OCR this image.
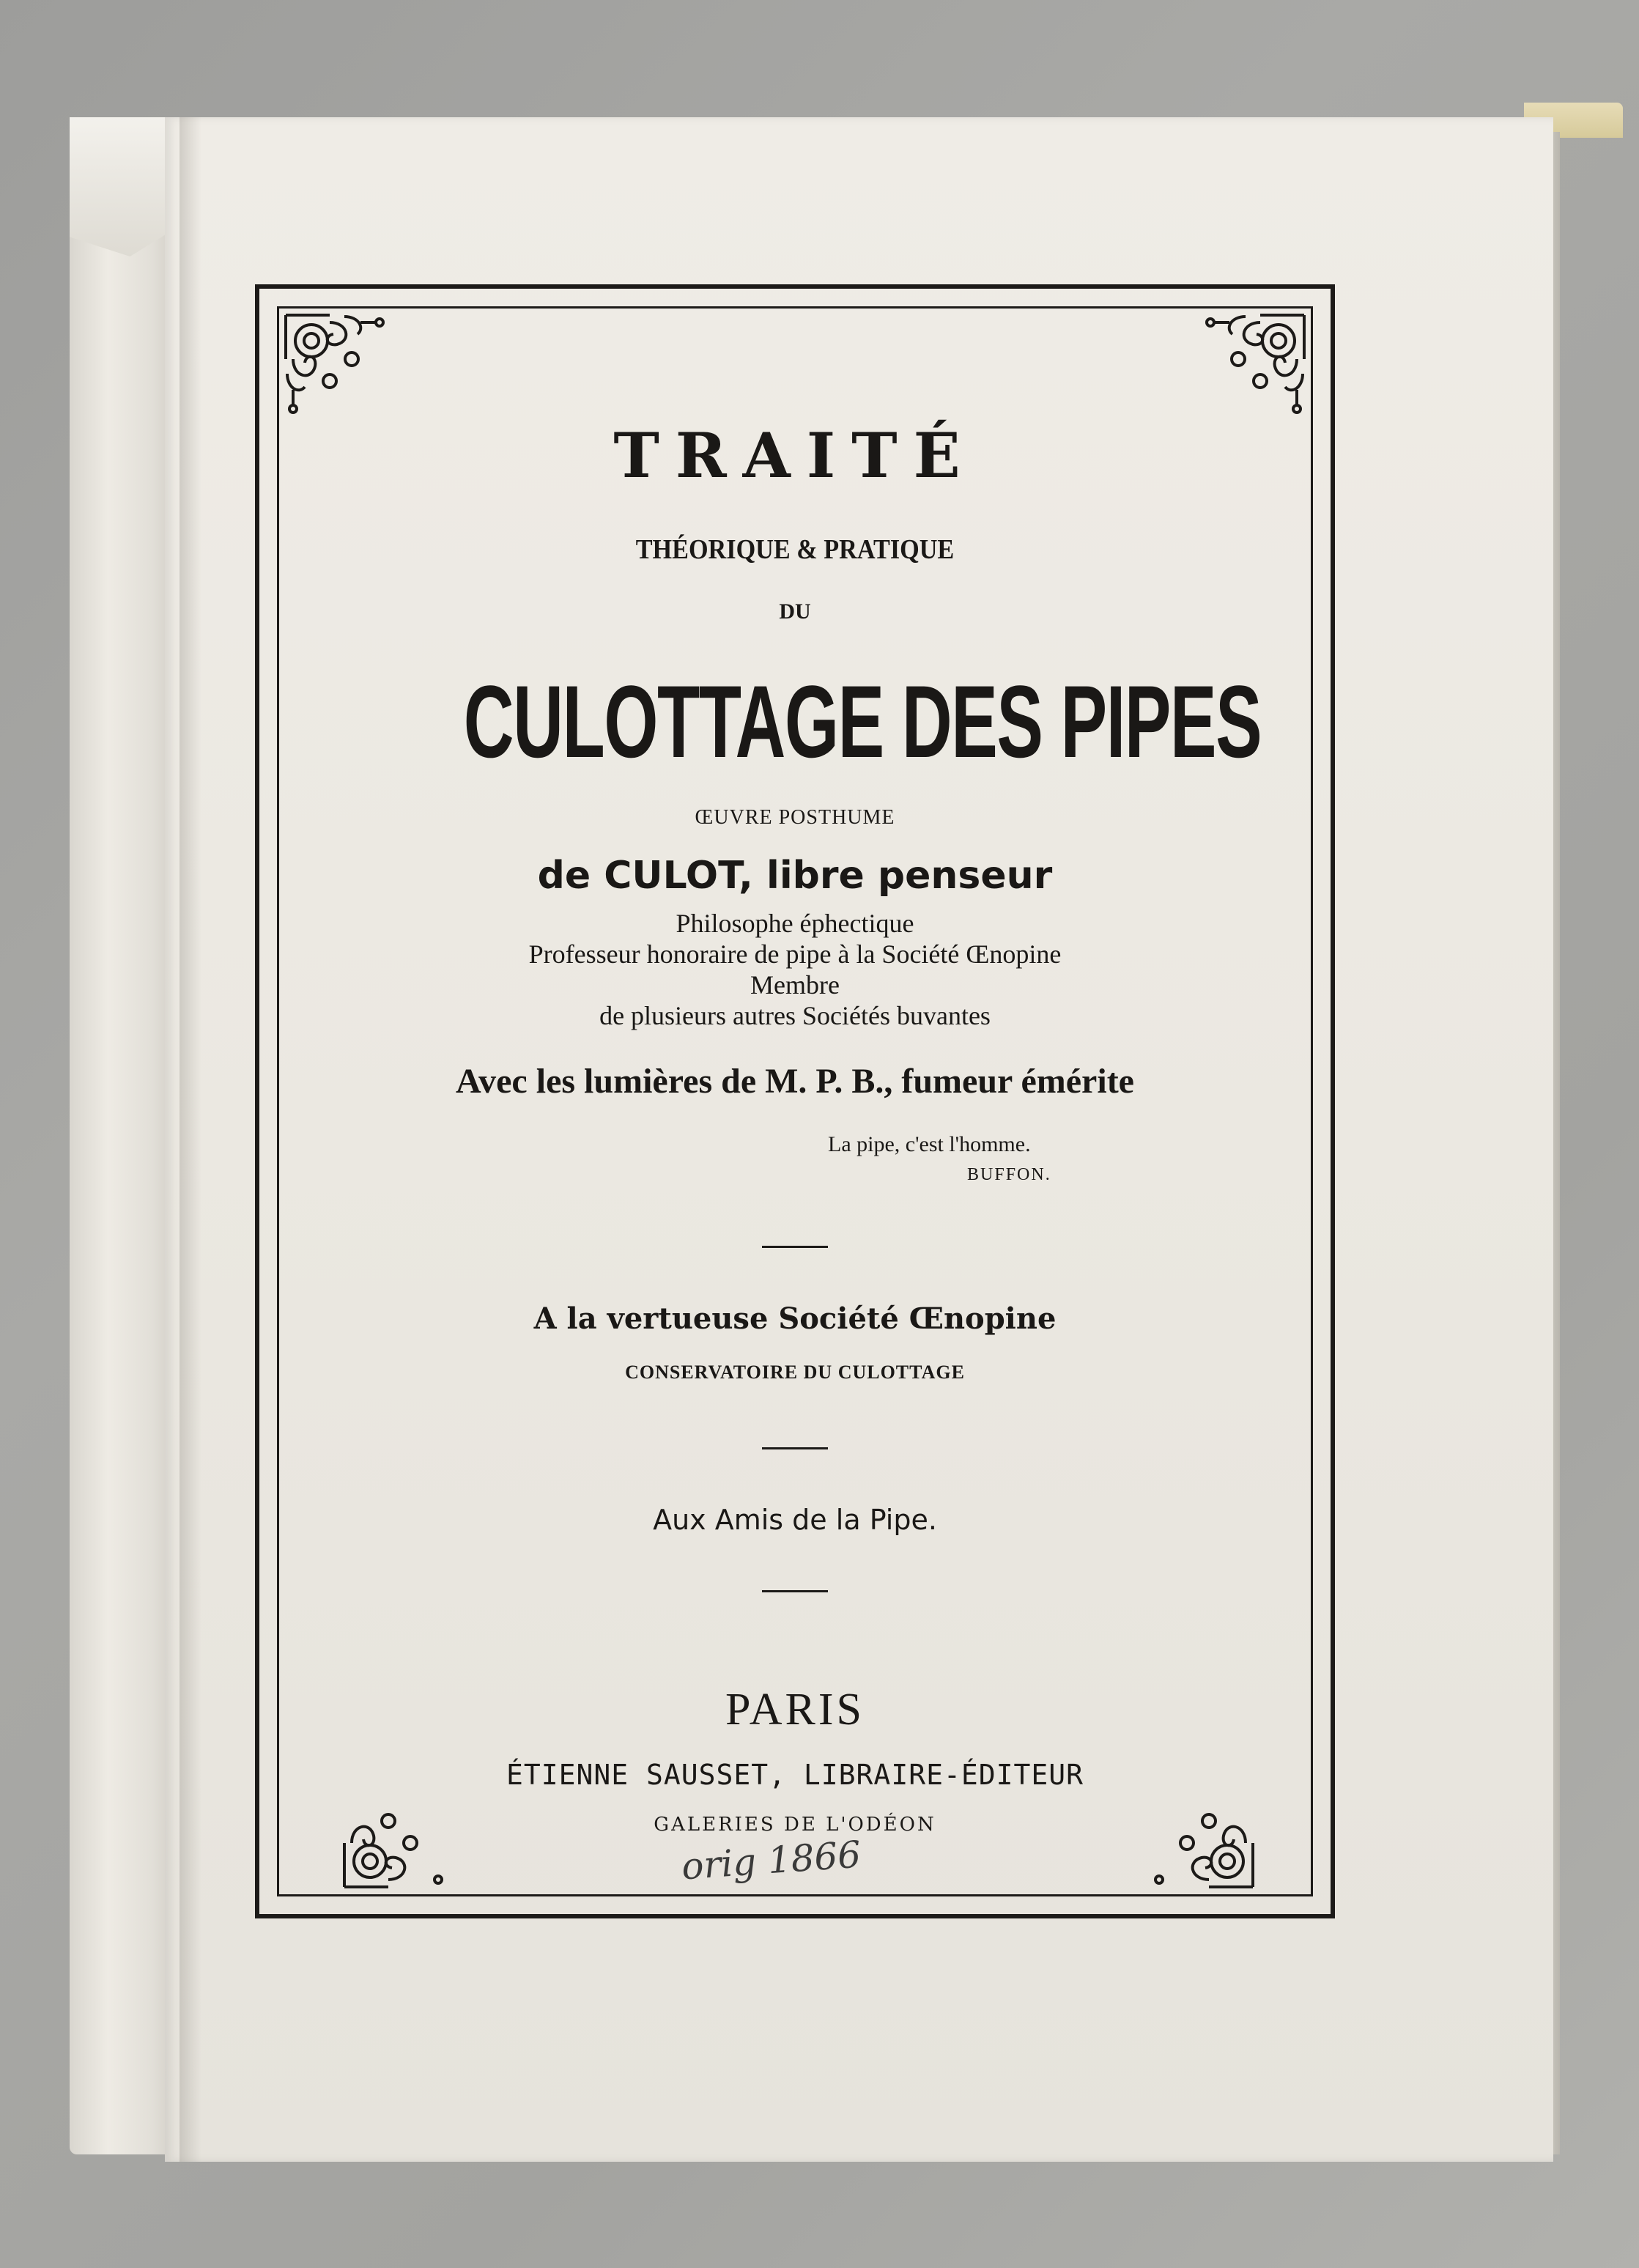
TRAITÉ

THÉORIQUE & PRATIQUE

DU

CULOTTAGE DES PIPES

ŒUVRE POSTHUME

de CULOT, libre penseur

Philosophe éphectique

Professeur honoraire de pipe à la Société Œnopine

Membre

de plusieurs autres Sociétés buvantes

Avec les lumières de M. P. B., fumeur émérite

La pipe, c'est l'homme.

BUFFON.

A la vertueuse Société Œnopine

CONSERVATOIRE DU CULOTTAGE

Aux Amis de la Pipe.

PARIS

ÉTIENNE SAUSSET, LIBRAIRE-ÉDITEUR

GALERIES DE L'ODÉON

orig 1866
